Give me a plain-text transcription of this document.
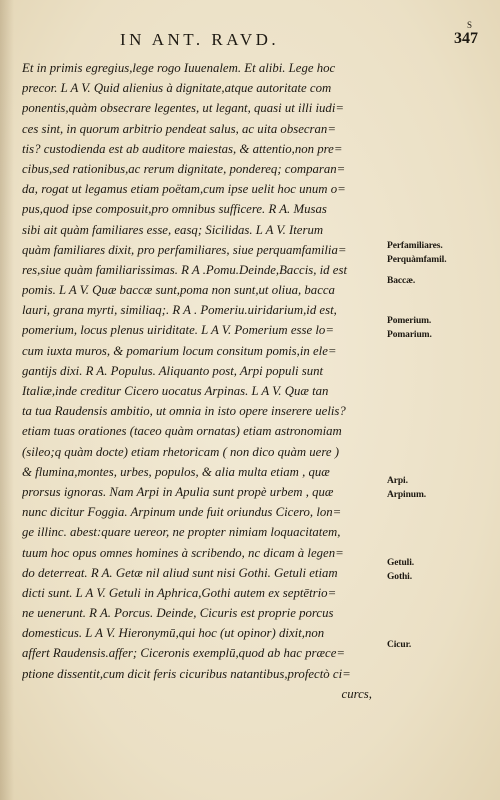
IN ANT. RAVD.
S
347
Et in primis egregius,lege rogo Iuuenalem. Et alibi. Lege hoc
precor. L A V. Quid alienius à dignitate,atque autoritate com
ponentis,quàm obsecrare legentes, ut legant, quasi ut illi iudi=
ces sint, in quorum arbitrio pendeat salus, ac uita obsecran=
tis? custodienda est ab auditore maiestas, & attentio,non pre=
cibus,sed rationibus,ac rerum dignitate, pondereq; comparan=
da, rogat ut legamus etiam poëtam,cum ipse uelit hoc unum o=
pus,quod ipse composuit,pro omnibus sufficere. R A. Musas
sibi ait quàm familiares esse, easq; Sicilidas. L A V. Iterum
quàm familiares dixit, pro perfamiliares, siue perquamfamilia=
res,siue quàm familiarissimas. R A .Pomu.Deinde,Baccis, id est
pomis. L A V. Quæ baccæ sunt,poma non sunt,ut oliua, bacca
lauri, grana myrti, similiaq;. R A . Pomeriu.uiridarium,id est,
pomerium, locus plenus uiriditate. L A V. Pomerium esse lo=
cum iuxta muros, & pomarium locum consitum pomis,in ele=
gantijs dixi. R A. Populus. Aliquanto post, Arpi populi sunt
Italiæ,inde creditur Cicero uocatus Arpinas. L A V. Quæ tan
ta tua Raudensis ambitio, ut omnia in isto opere inserere uelis?
etiam tuas orationes (taceo quàm ornatas) etiam astronomiam
(sileo;q quàm docte) etiam rhetoricam ( non dico quàm uere )
& flumina,montes, urbes, populos, & alia multa etiam , quæ
prorsus ignoras. Nam Arpi in Apulia sunt propè urbem , quæ
nunc dicitur Foggia. Arpinum unde fuit oriundus Cicero, lon=
ge illinc. abest:quare uereor, ne propter nimiam loquacitatem,
tuum hoc opus omnes homines à scribendo, nc dicam à legen=
do deterreat. R A. Getæ nil aliud sunt nisi Gothi. Getuli etiam
dicti sunt. L A V. Getuli in Aphrica,Gothi autem ex septētrio=
ne uenerunt. R A. Porcus. Deinde, Cicuris est proprie porcus
domesticus. L A V. Hieronymū,qui hoc (ut opinor) dixit,non
affert Raudensis.affer; Ciceronis exemplū,quod ab hac præce=
ptione dissentit,cum dicit feris cicuribus natantibus,profectò ci=
curcs,
Perfamiliares.
Perquàmfamil.
Baccæ.
Pomerium.
Pomarium.
Arpi.
Arpinum.
Getuli.
Gothi.
Cicur.
